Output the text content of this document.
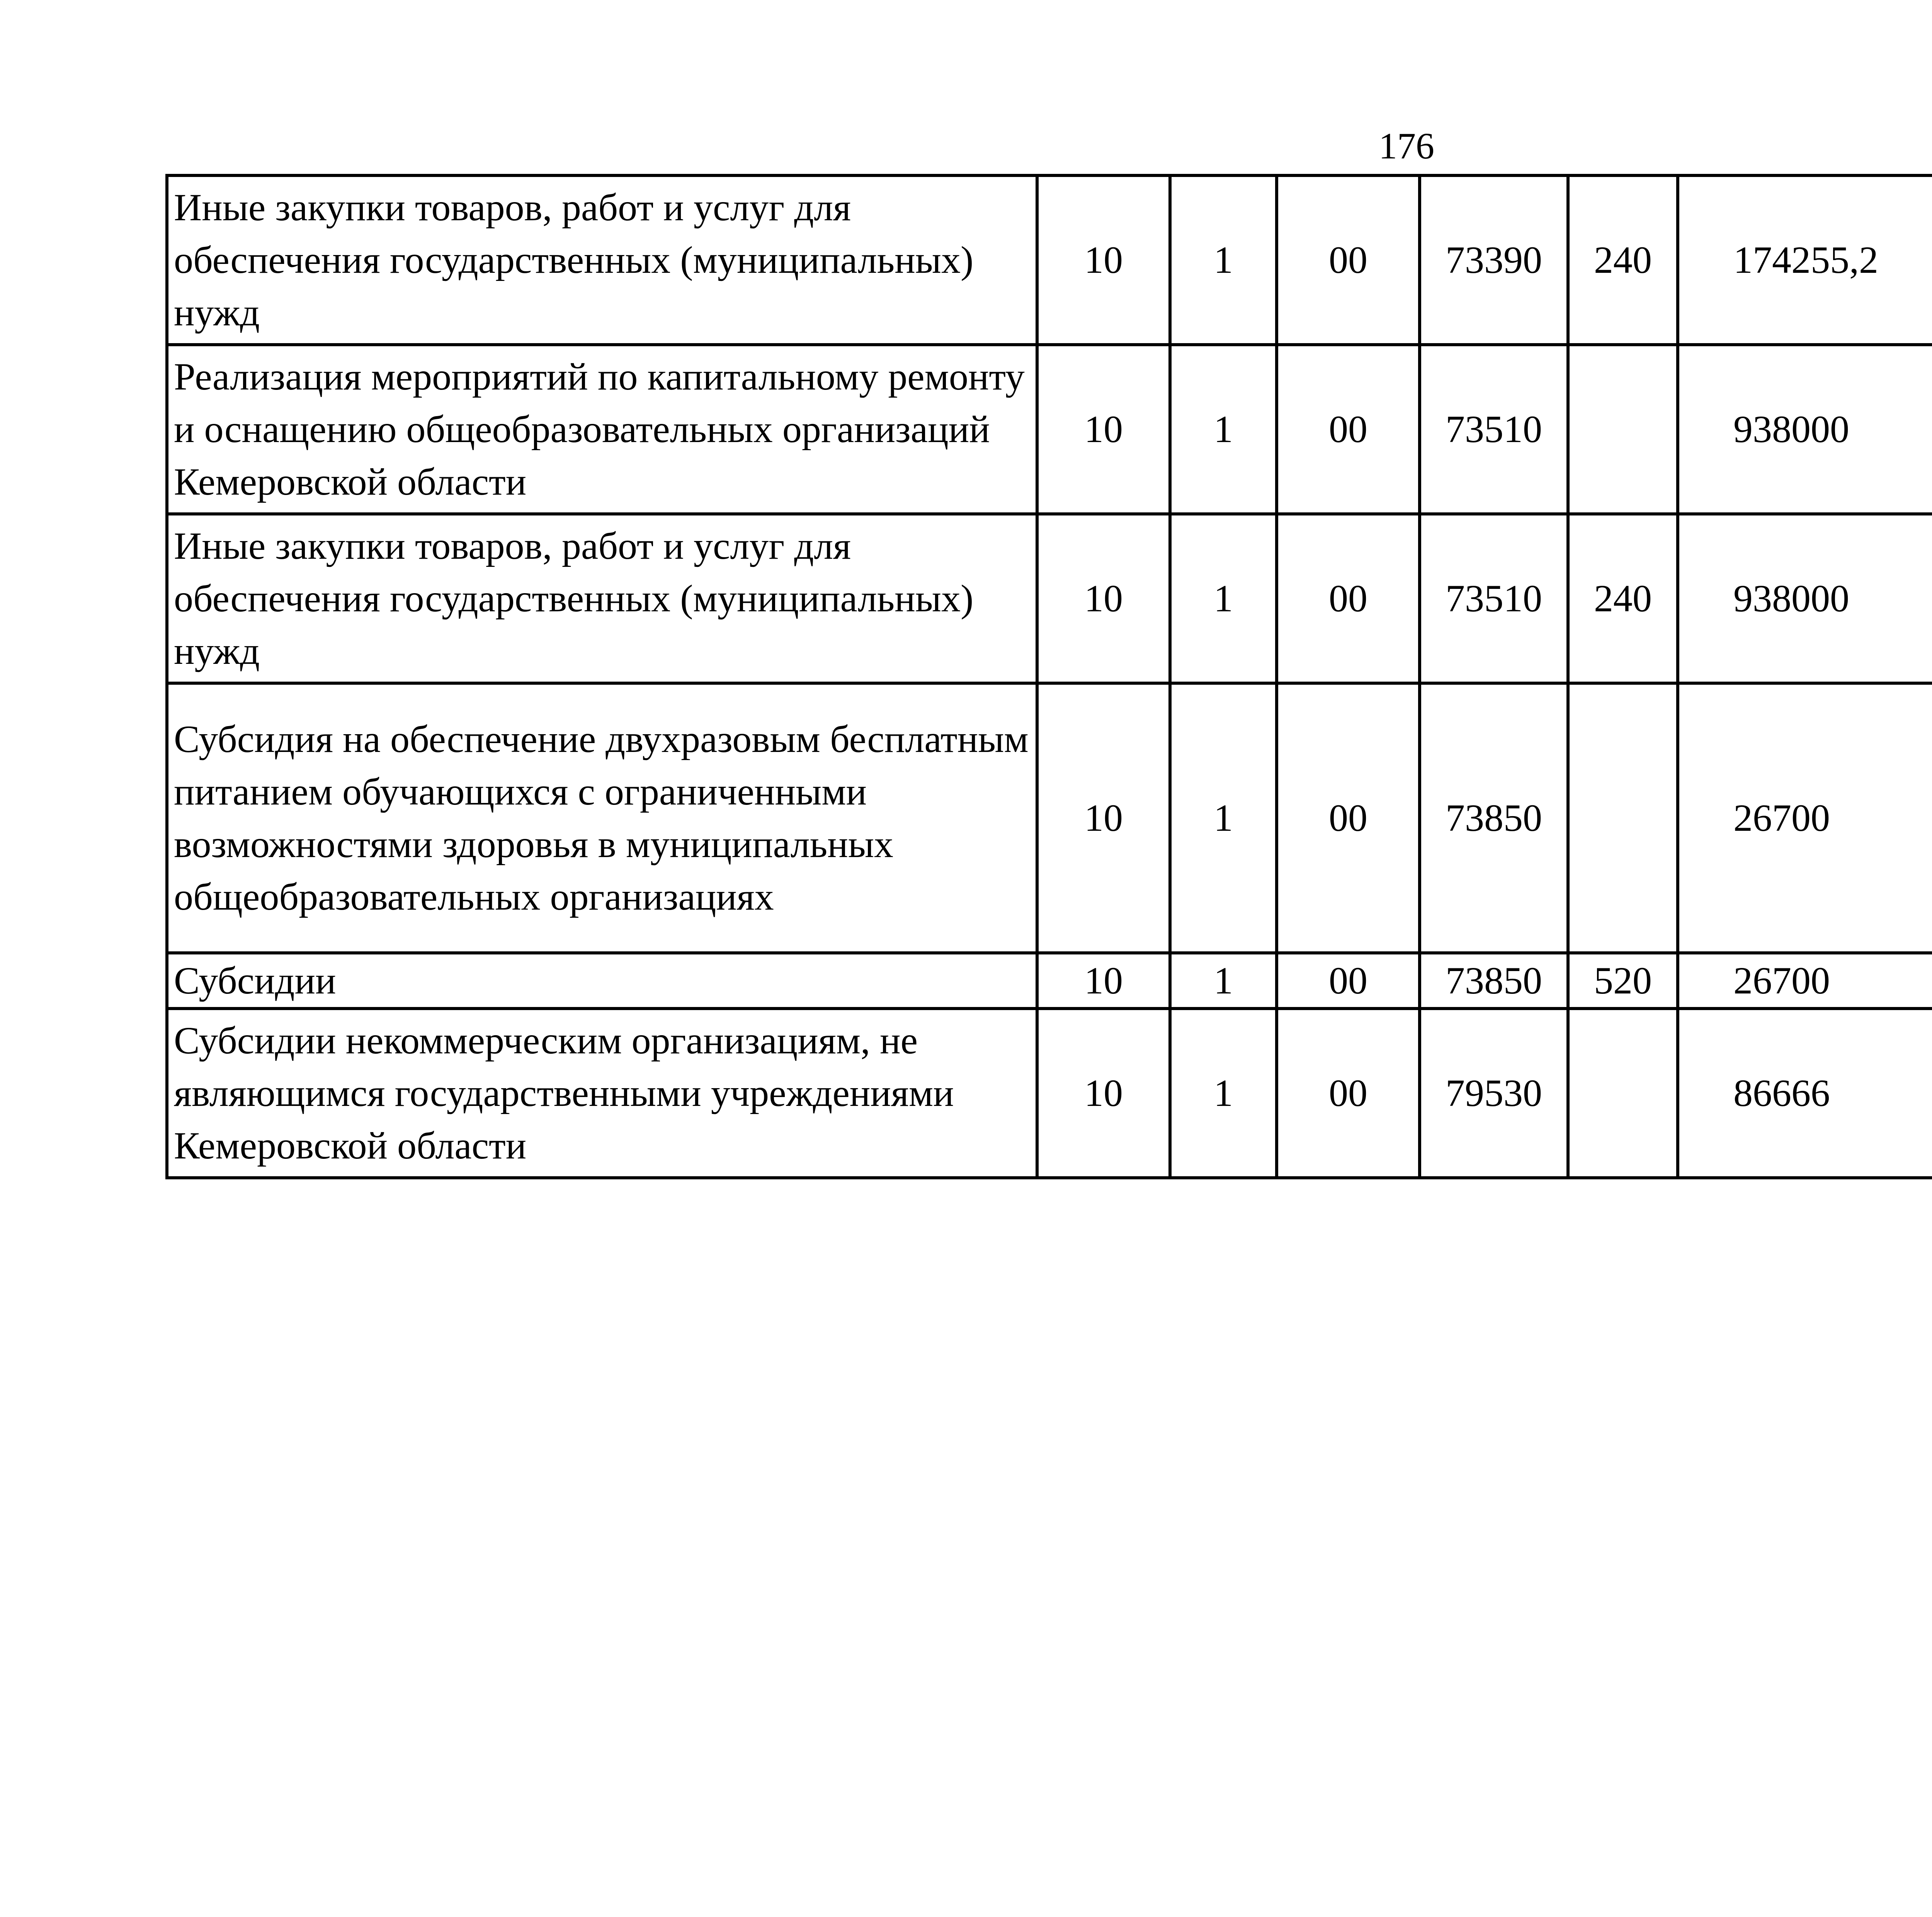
176
Иные закупки товаров, работ и услуг для обеспечения государственных (муниципальных) нужд	10	1	00	73390	240	174255,2		
Реализация мероприятий по капитальному ремонту и оснащению общеобразовательных организаций Кемеровской области	10	1	00	73510		938000		
Иные закупки товаров, работ и услуг для обеспечения государственных (муниципальных) нужд	10	1	00	73510	240	938000		
Субсидия на обеспечение двухразовым бесплатным питанием обучающихся с ограниченными возможностями здоровья в муниципальных общеобразовательных организациях	10	1	00	73850		26700		
Субсидии	10	1	00	73850	520	26700		
Субсидии некоммерческим организациям, не являющимся государственными учреждениями Кемеровской области	10	1	00	79530		86666		
